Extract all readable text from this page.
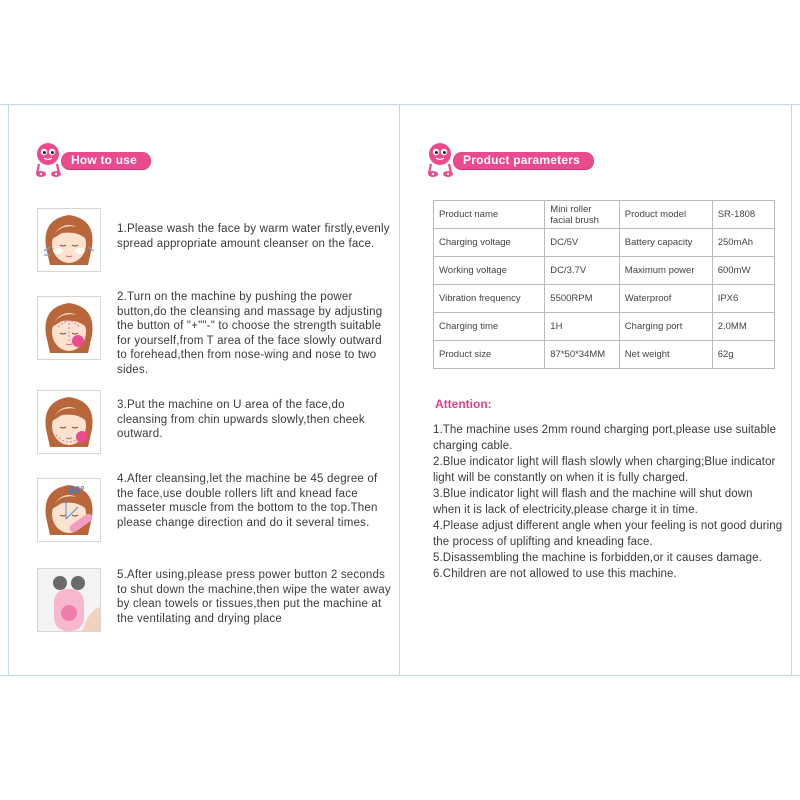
How to use
1.Please wash the face by warm water firstly,evenly spread appropriate amount cleanser on the face.
2.Turn on the machine by pushing the power button,do the cleansing and massage by adjusting the button of "+""-" to choose the strength suitable for yourself,from T area of the face slowly outward to forehead,then from nose-wing and nose to two sides.
3.Put the machine on U area of the face,do cleansing from chin upwards slowly,then cheek outward.
45°
4.After cleansing,let the machine be 45 degree of the face,use double rollers lift and knead face masseter muscle from the bottom to the top.Then please change direction and do it several times.
5.After using,please press power button 2 seconds to shut down the machine,then wipe the water away by clean towels or tissues,then put the machine at the ventilating and drying place
Product parameters
Product name	Mini roller facial brush	Product model	SR-1808
Charging voltage	DC/5V	Battery capacity	250mAh
Working voltage	DC/3.7V	Maximum power	600mW
Vibration frequency	5500RPM	Waterproof	IPX6
Charging time	1H	Charging port	2.0MM
Product size	87*50*34MM	Net weight	62g
Attention:
1.The machine uses 2mm round charging port,please use suitable charging cable.
2.Blue indicator light will flash slowly when charging;Blue indicator light will be constantly on when it is fully charged.
3.Blue indicator light will flash and the machine will shut down when it is lack of electricity,please charge it in time.
4.Please adjust different angle when your feeling is not good during the process of uplifting and kneading face.
5.Disassembling the machine is forbidden,or it causes damage.
6.Children are not allowed to use this machine.
